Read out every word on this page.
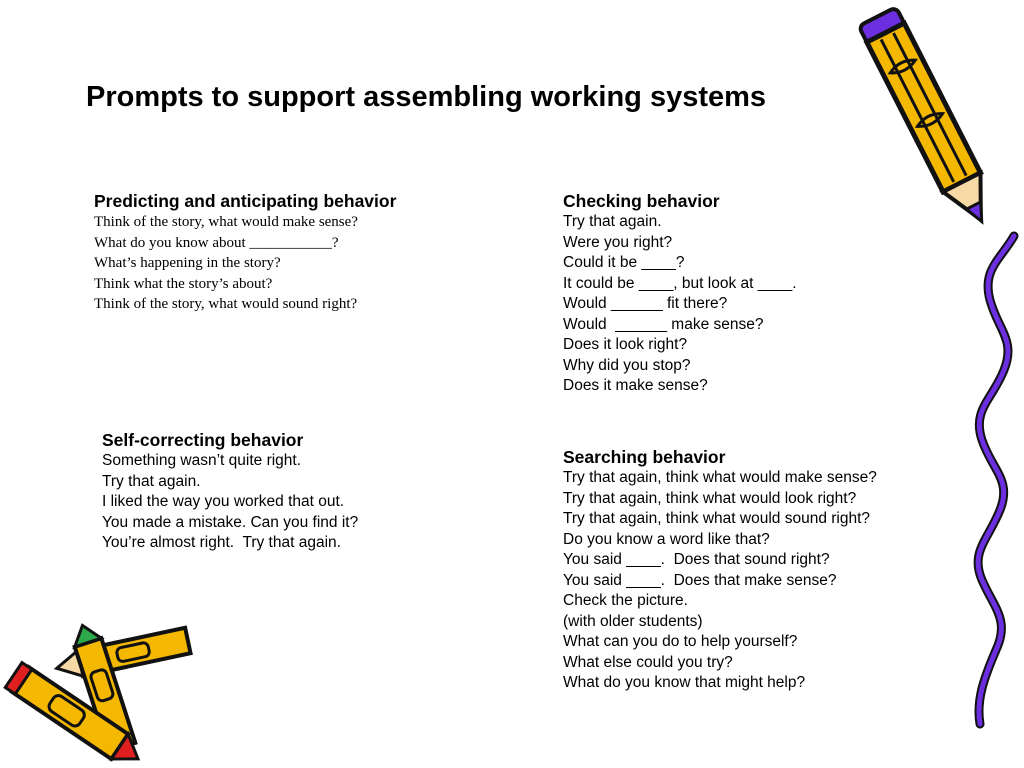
Prompts to support assembling working systems
Predicting and anticipating behavior
Think of the story, what would make sense?
What do you know about ___________?
What’s happening in the story?
Think what the story’s about?
Think of the story, what would sound right?
Checking behavior
Try that again.
Were you right?
Could it be ____?
It could be ____, but look at ____.
Would ______ fit there?
Would  ______ make sense?
Does it look right?
Why did you stop?
Does it make sense?
Self-correcting behavior
Something wasn’t quite right.
Try that again.
I liked the way you worked that out.
You made a mistake. Can you find it?
You’re almost right.  Try that again.
Searching behavior
Try that again, think what would make sense?
Try that again, think what would look right?
Try that again, think what would sound right?
Do you know a word like that?
You said ____.  Does that sound right?
You said ____.  Does that make sense?
Check the picture.
(with older students)
What can you do to help yourself?
What else could you try?
What do you know that might help?
